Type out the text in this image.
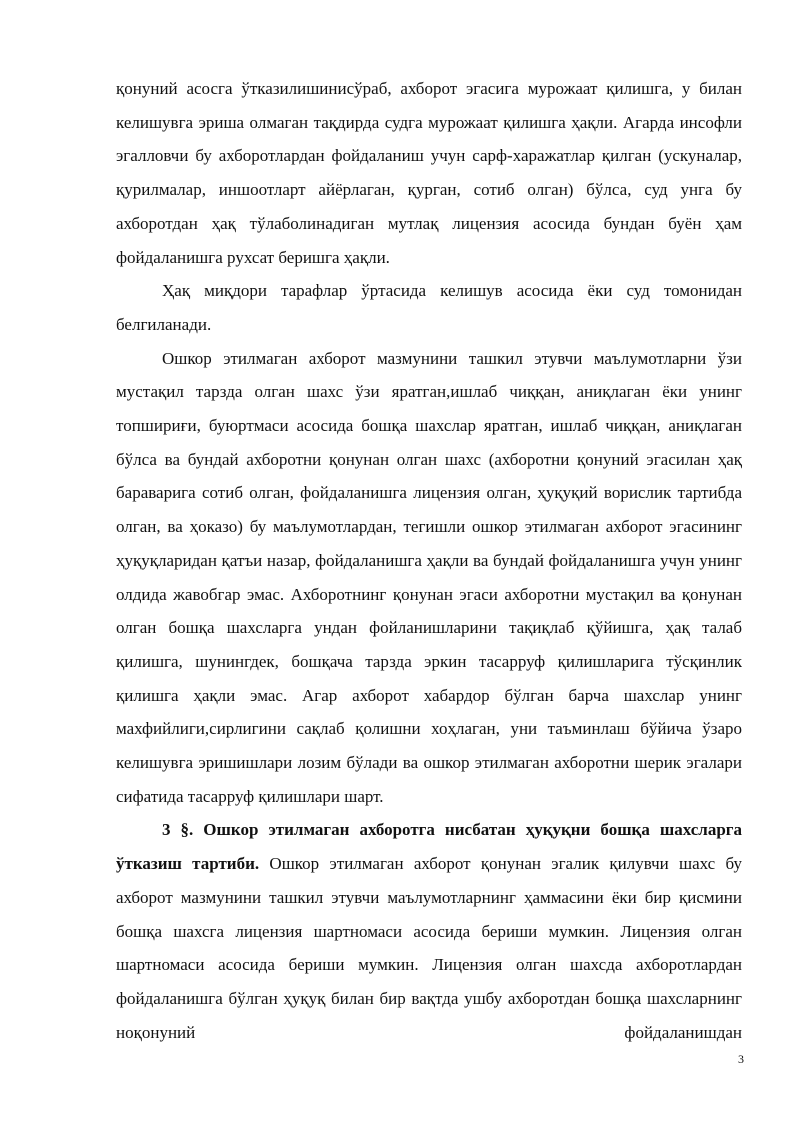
қонуний асосга ўтказилишинисўраб, ахборот эгасига мурожаат қилишга, у билан келишувга эриша олмаган тақдирда судга мурожаат қилишга ҳақли. Агарда инсофли эгалловчи бу ахборотлардан фойдаланиш учун сарф-харажатлар қилган (ускуналар, қурилмалар, иншоотларт айёрлаган, қурган, сотиб олган) бўлса, суд унга бу ахборотдан ҳақ тўлаболинадиган мутлақ лицензия асосида бундан буён ҳам фойдаланишга рухсат беришга ҳақли.

Ҳақ миқдори тарафлар ўртасида келишув асосида ёки суд томонидан белгиланади.

Ошкор этилмаган ахборот мазмунини ташкил этувчи маълумотларни ўзи мустақил тарзда олган шахс ўзи яратган,ишлаб чиққан, аниқлаган ёки унинг топшириғи, буюртмаси асосида бошқа шахслар яратган, ишлаб чиққан, аниқлаган бўлса ва бундай ахборотни қонунан олган шахс (ахборотни қонуний эгасилан ҳақ бараварига сотиб олган, фойдаланишга лицензия олган, ҳуқуқий ворислик тартибда олган, ва ҳоказо) бу маълумотлардан, тегишли ошкор этилмаган ахборот эгасининг ҳуқуқларидан қатъи назар, фойдаланишга ҳақли ва бундай фойдаланишга учун унинг олдида жавобгар эмас. Ахборотнинг қонунан эгаси ахборотни мустақил ва қонунан олган бошқа шахсларга ундан фойланишларини тақиқлаб қўйишга, ҳақ талаб қилишга, шунингдек, бошқача тарзда эркин тасарруф қилишларига тўсқинлик қилишга ҳақли эмас. Агар ахборот хабардор бўлган барча шахслар унинг махфийлиги,сирлигини сақлаб қолишни хоҳлаган, уни таъминлаш бўйича ўзаро келишувга эришишлари лозим бўлади ва ошкор этилмаган ахборотни шерик эгалари сифатида тасарруф қилишлари шарт.

3 §. Ошкор этилмаган ахборотга нисбатан ҳуқуқни бошқа шахсларга ўтказиш тартиби. Ошкор этилмаган ахборот қонунан эгалик қилувчи шахс бу ахборот мазмунини ташкил этувчи маълумотларнинг ҳаммасини ёки бир қисмини бошқа шахсга лицензия шартномаси асосида бериши мумкин. Лицензия олган шартномаси асосида бериши мумкин. Лицензия олган шахсда ахборотлардан фойдаланишга бўлган ҳуқуқ билан бир вақтда ушбу ахборотдан бошқа шахсларнинг ноқонуний фойдаланишдан

3
